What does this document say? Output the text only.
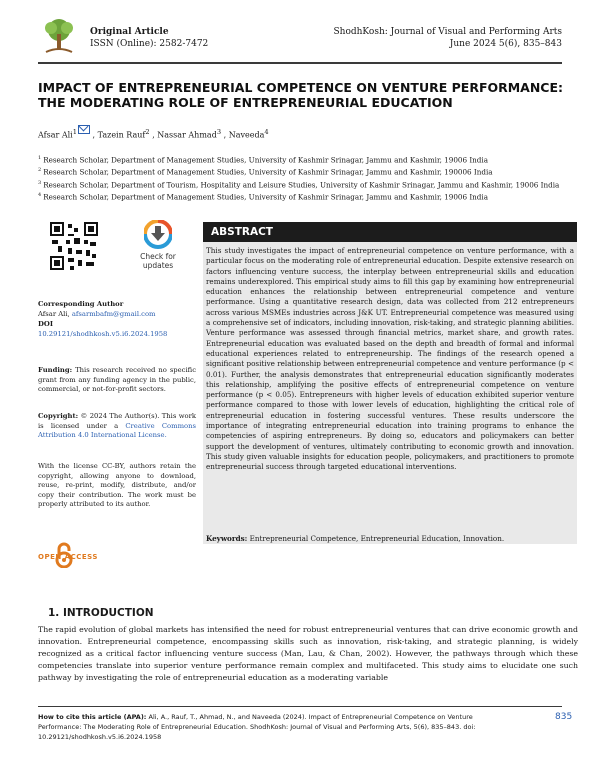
Original Article
ISSN (Online): 2582-7472
ShodhKosh: Journal of Visual and Performing Arts
June 2024 5(6), 835–843
IMPACT OF ENTREPRENEURIAL COMPETENCE ON VENTURE PERFORMANCE: THE MODERATING ROLE OF ENTREPRENEURIAL EDUCATION
Afsar Ali$^1$ , Tazein Rauf$^2$ , Nassar Ahmad$^3$ , Naveeda$^4$
$^1$ Research Scholar, Department of Management Studies, University of Kashmir Srinagar, Jammu and Kashmir, 19006 India
$^2$ Research Scholar, Department of Management Studies, University of Kashmir Srinagar, Jammu and Kashmir, 190006 India
$^3$ Research Scholar, Department of Tourism, Hospitality and Leisure Studies, University of Kashmir Srinagar, Jammu and Kashmir, 19006 India
$^4$ Research Scholar, Department of Management Studies, University of Kashmir Srinagar, Jammu and Kashmir, 19006 India
Check for updates
Corresponding Author
Afsar Ali, afsarmbafm@gmail.com
DOI
10.29121/shodhkosh.v5.i6.2024.1958
Funding: This research received no specific grant from any funding agency in the public, commercial, or not-for-profit sectors.
Copyright: © 2024 The Author(s). This work is licensed under a Creative Commons Attribution 4.0 International License.
With the license CC-BY, authors retain the copyright, allowing anyone to download, reuse, re-print, modify, distribute, and/or copy their contribution. The work must be properly attributed to its author.
OPEN ACCESS
ABSTRACT
This study investigates the impact of entrepreneurial competence on venture performance, with a particular focus on the moderating role of entrepreneurial education. Despite extensive research on factors influencing venture success, the interplay between entrepreneurial skills and education remains underexplored. This empirical study aims to fill this gap by examining how entrepreneurial education enhances the relationship between entrepreneurial competence and venture performance. Using a quantitative research design, data was collected from 212 entrepreneurs across various MSMEs industries across J&K UT. Entrepreneurial competence was measured using a comprehensive set of indicators, including innovation, risk-taking, and strategic planning abilities. Venture performance was assessed through financial metrics, market share, and growth rates. Entrepreneurial education was evaluated based on the depth and breadth of formal and informal educational experiences related to entrepreneurship. The findings of the research opened a significant positive relationship between entrepreneurial competence and venture performance (p < 0.01). Further, the analysis demonstrates that entrepreneurial education significantly moderates this relationship, amplifying the positive effects of entrepreneurial competence on venture performance (p < 0.05). Entrepreneurs with higher levels of education exhibited superior venture performance compared to those with lower levels of education, highlighting the critical role of entrepreneurial education in fostering successful ventures. These results underscore the importance of integrating entrepreneurial education into training programs to enhance the competencies of aspiring entrepreneurs. By doing so, educators and policymakers can better support the development of ventures, ultimately contributing to economic growth and innovation. This study given valuable insights for education people, policymakers, and practitioners to promote entrepreneurial success through targeted educational interventions.
Keywords: Entrepreneurial Competence, Entrepreneurial Education, Innovation.
1. INTRODUCTION
The rapid evolution of global markets has intensified the need for robust entrepreneurial ventures that can drive economic growth and innovation. Entrepreneurial competence, encompassing skills such as innovation, risk-taking, and strategic planning, is widely recognized as a critical factor influencing venture success (Man, Lau, & Chan, 2002). However, the pathways through which these competencies translate into superior venture performance remain complex and multifaceted. This study aims to elucidate one such pathway by investigating the role of entrepreneurial education as a moderating variable
How to cite this article (APA): Ali, A., Rauf, T., Ahmad, N., and Naveeda (2024). Impact of Entrepreneurial Competence on Venture Performance: The Moderating Role of Entrepreneurial Education. ShodhKosh: Journal of Visual and Performing Arts, 5(6), 835–843. doi: 10.29121/shodhkosh.v5.i6.2024.1958
835
